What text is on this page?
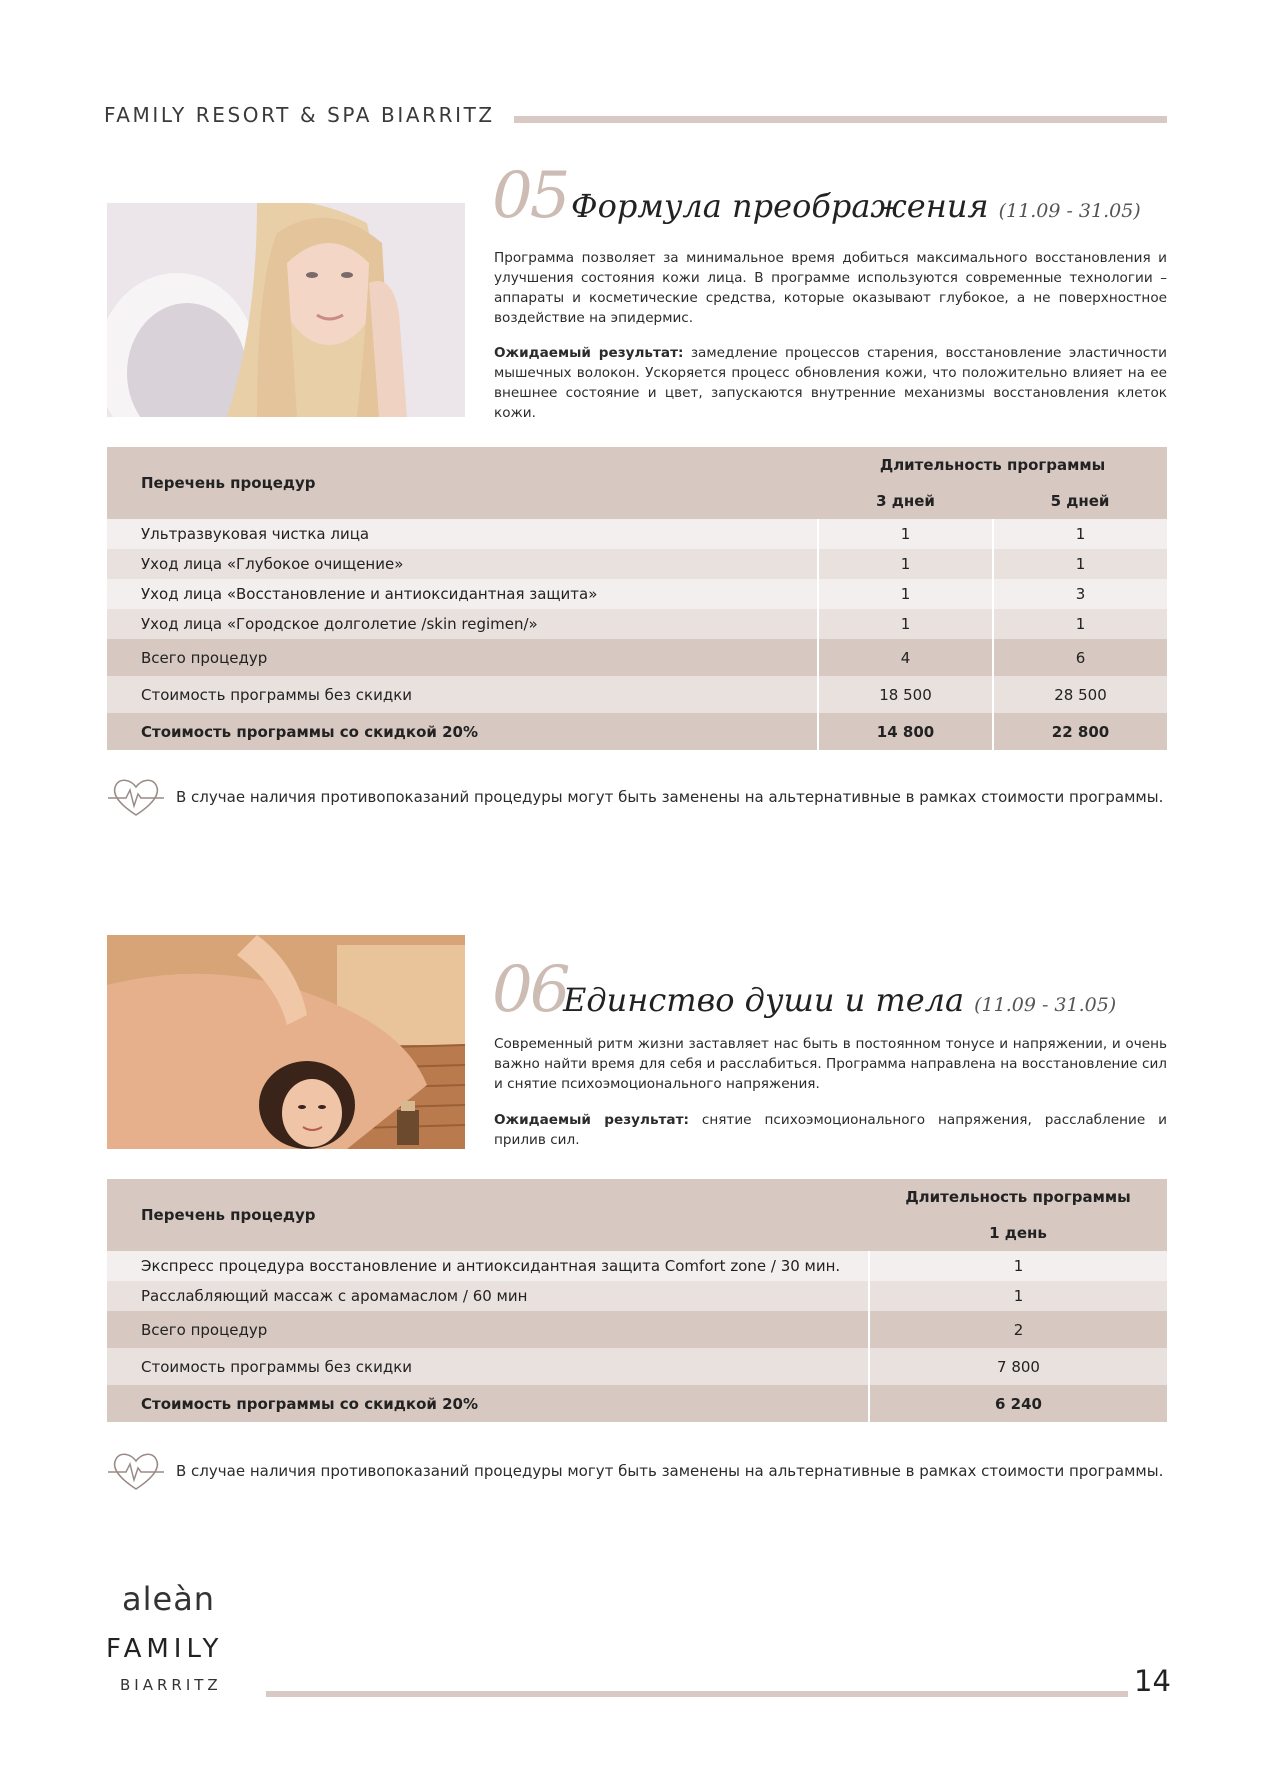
FAMILY RESORT & SPA BIARRITZ
05 Формула преображения (11.09 - 31.05)
Программа позволяет за минимальное время добиться максимального восстановления и улучшения состояния кожи лица. В программе используются современные технологии – аппараты и косметические средства, которые оказывают глубокое, а не поверхностное воздействие на эпидермис.
Ожидаемый результат: замедление процессов старения, восстановление эластичности мышечных волокон. Ускоряется процесс обновления кожи, что положительно влияет на ее внешнее состояние и цвет, запускаются внутренние механизмы восстановления клеток кожи.
Перечень процедур	Длительность программы	
	3 дней	5 дней
Ультразвуковая чистка лица	1	1
Уход лица «Глубокое очищение»	1	1
Уход лица «Восстановление и антиоксидантная защита»	1	3
Уход лица «Городское долголетие /skin regimen/»	1	1
Всего процедур	4	6
Стоимость программы без скидки	18 500	28 500
Стоимость программы со скидкой 20%	14 800	22 800
В случае наличия противопоказаний процедуры могут быть заменены на альтернативные в рамках стоимости программы.
06
Единство души и тела (11.09 - 31.05)
Современный ритм жизни заставляет нас быть в постоянном тонусе и напряжении, и очень важно найти время для себя и расслабиться. Программа направлена на восстановление сил и снятие психоэмоционального напряжения.
Ожидаемый результат: снятие психоэмоционального напряжения, расслабление и прилив сил.
Перечень процедур	Длительность программы
	1 день
Экспресс процедура восстановление и антиоксидантная защита Comfort zone / 30 мин.	1
Расслабляющий массаж с аромамаслом / 60 мин	1
Всего процедур	2
Стоимость программы без скидки	7 800
Стоимость программы со скидкой 20%	6 240
В случае наличия противопоказаний процедуры могут быть заменены на альтернативные в рамках стоимости программы.
aleàn
FAMILY
BIARRITZ	14
